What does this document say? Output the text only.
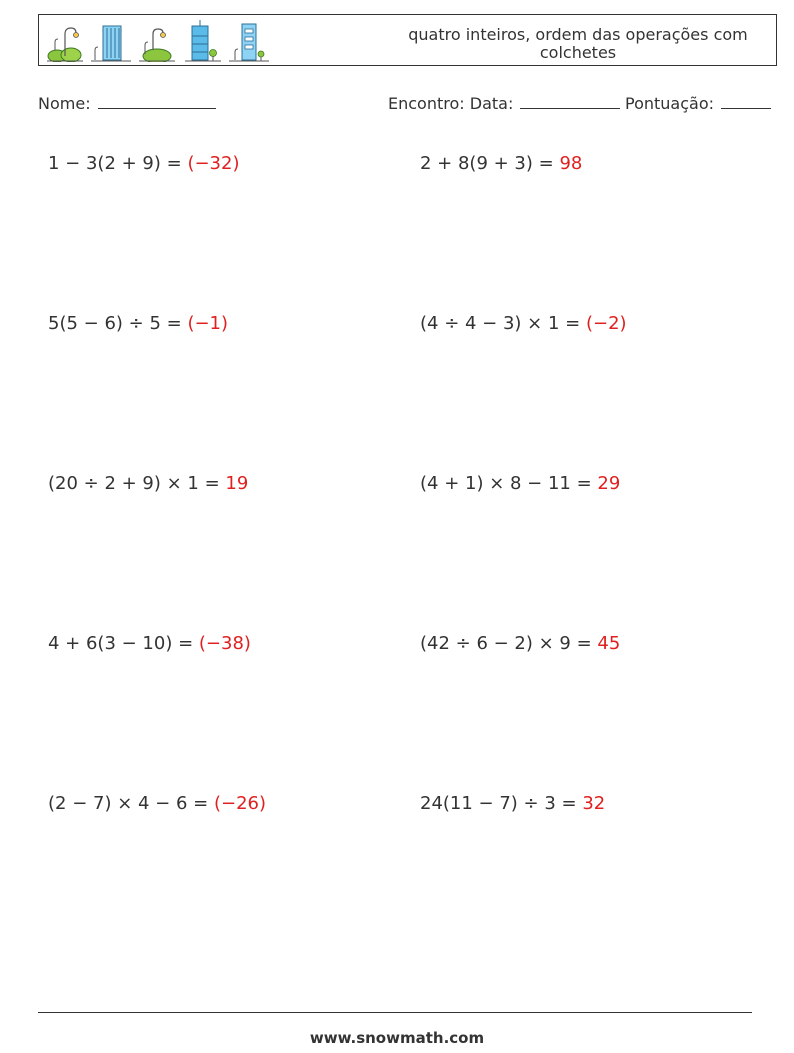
quatro inteiros, ordem das operações com
colchetes
Nome:	Encontro: Data:	Pontuação:
1 − 3(2 + 9) = (−32)	2 + 8(9 + 3) = 98
5(5 − 6) ÷ 5 = (−1)	(4 ÷ 4 − 3) × 1 = (−2)
(20 ÷ 2 + 9) × 1 = 19	(4 + 1) × 8 − 11 = 29
4 + 6(3 − 10) = (−38)	(42 ÷ 6 − 2) × 9 = 45
(2 − 7) × 4 − 6 = (−26)	24(11 − 7) ÷ 3 = 32
www.snowmath.com
